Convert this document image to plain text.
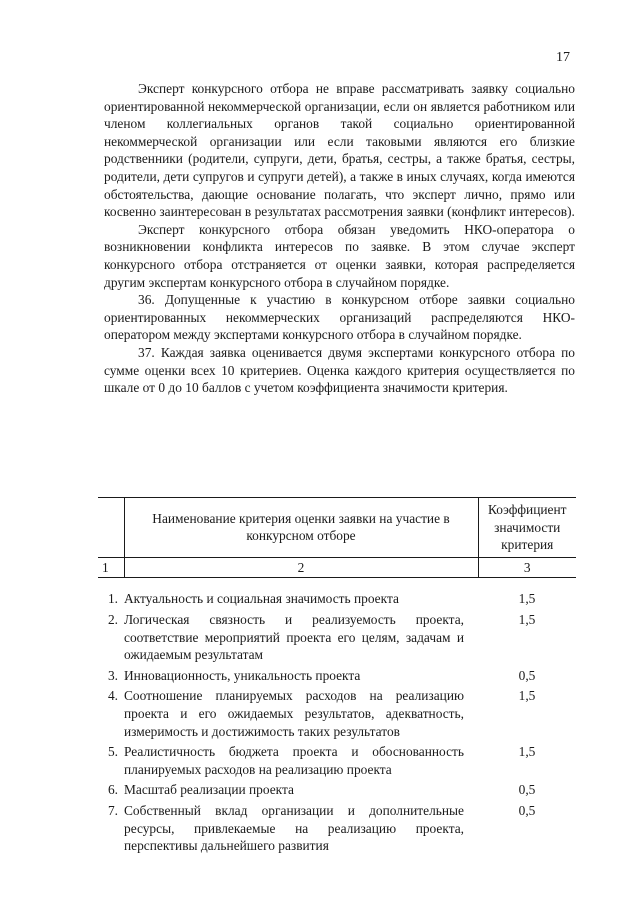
17

Эксперт конкурсного отбора не вправе рассматривать заявку социально ориентированной некоммерческой организации, если он является работником или членом коллегиальных органов такой социально ориентированной некоммерческой организации или если таковыми являются его близкие родственники (родители, супруги, дети, братья, сестры, а также братья, сестры, родители, дети супругов и супруги детей), а также в иных случаях, когда имеются обстоятельства, дающие основание полагать, что эксперт лично, прямо или косвенно заинтересован в результатах рассмотрения заявки (конфликт интересов).

Эксперт конкурсного отбора обязан уведомить НКО-оператора о возникновении конфликта интересов по заявке. В этом случае эксперт конкурсного отбора отстраняется от оценки заявки, которая распределяется другим экспертам конкурсного отбора в случайном порядке.

36. Допущенные к участию в конкурсном отборе заявки социально ориентированных некоммерческих организаций распределяются НКО-оператором между экспертами конкурсного отбора в случайном порядке.

37. Каждая заявка оценивается двумя экспертами конкурсного отбора по сумме оценки всех 10 критериев. Оценка каждого критерия осуществляется по шкале от 0 до 10 баллов с учетом коэффициента значимости критерия.

	Наименование критерия оценки заявки на участие в конкурсном отборе	Коэффициент значимости критерия
1	2	3
1.	Актуальность и социальная значимость проекта	1,5
2.	Логическая связность и реализуемость проекта, соответствие мероприятий проекта его целям, задачам и ожидаемым результатам	1,5
3.	Инновационность, уникальность проекта	0,5
4.	Соотношение планируемых расходов на реализацию проекта и его ожидаемых результатов, адекватность, измеримость и достижимость таких результатов	1,5
5.	Реалистичность бюджета проекта и обоснованность планируемых расходов на реализацию проекта	1,5
6.	Масштаб реализации проекта	0,5
7.	Собственный вклад организации и дополнительные ресурсы, привлекаемые на реализацию проекта, перспективы дальнейшего развития	0,5
